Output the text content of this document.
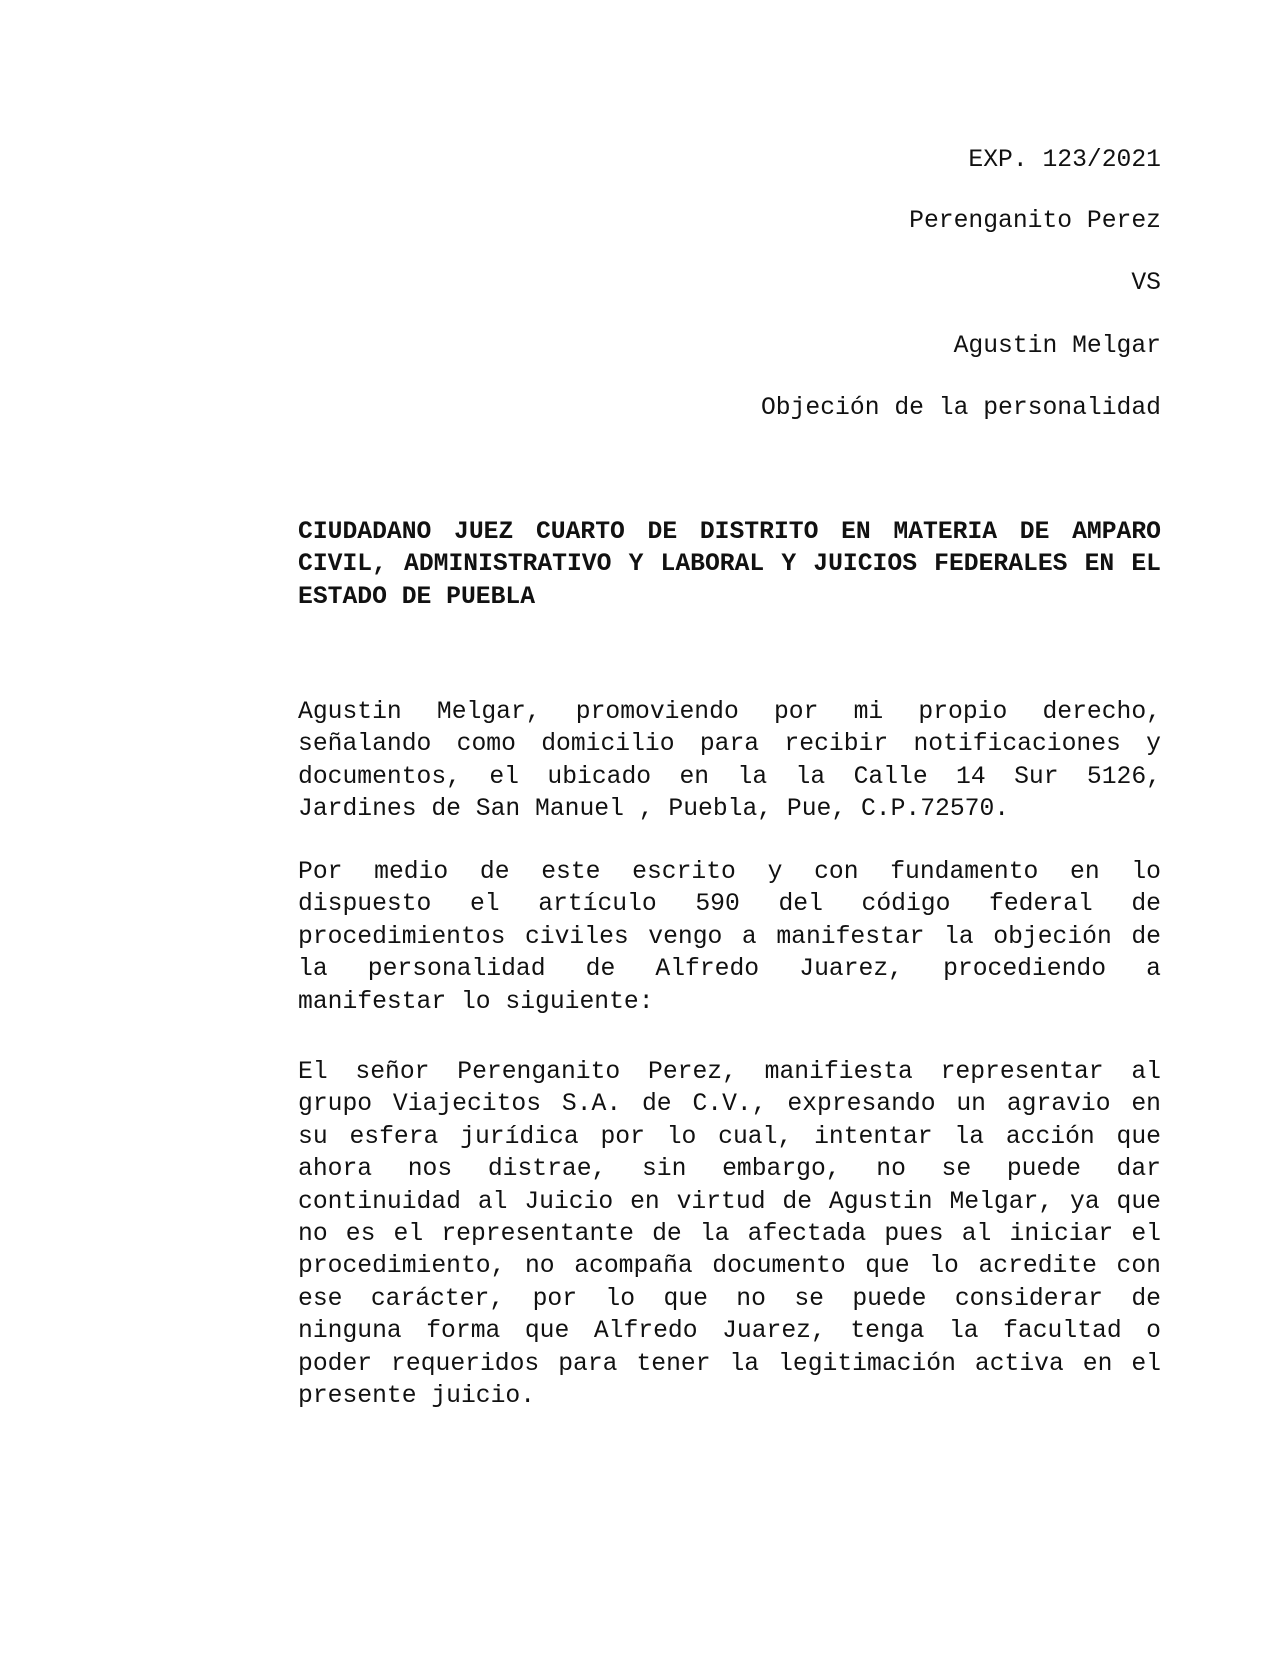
EXP. 123/2021
Perenganito Perez
VS
Agustin Melgar
Objeción de la personalidad
CIUDADANO JUEZ CUARTO DE DISTRITO EN MATERIA DE AMPARO
CIVIL, ADMINISTRATIVO Y LABORAL Y JUICIOS FEDERALES EN EL
ESTADO DE PUEBLA
Agustin Melgar, promoviendo por mi propio derecho,
señalando como domicilio para recibir notificaciones y
documentos, el ubicado en la la Calle 14 Sur 5126,
Jardines de San Manuel , Puebla, Pue, C.P.72570.
Por medio de este escrito y con fundamento en lo
dispuesto el artículo 590 del código federal de
procedimientos civiles vengo a manifestar la objeción de
la personalidad de Alfredo Juarez, procediendo a
manifestar lo siguiente:
El señor Perenganito Perez, manifiesta representar al
grupo Viajecitos S.A. de C.V., expresando un agravio en
su esfera jurídica por lo cual, intentar la acción que
ahora nos distrae, sin embargo, no se puede dar
continuidad al Juicio en virtud de Agustin Melgar, ya que
no es el representante de la afectada pues al iniciar el
procedimiento, no acompaña documento que lo acredite con
ese carácter, por lo que no se puede considerar de
ninguna forma que Alfredo Juarez, tenga la facultad o
poder requeridos para tener la legitimación activa en el
presente juicio.
